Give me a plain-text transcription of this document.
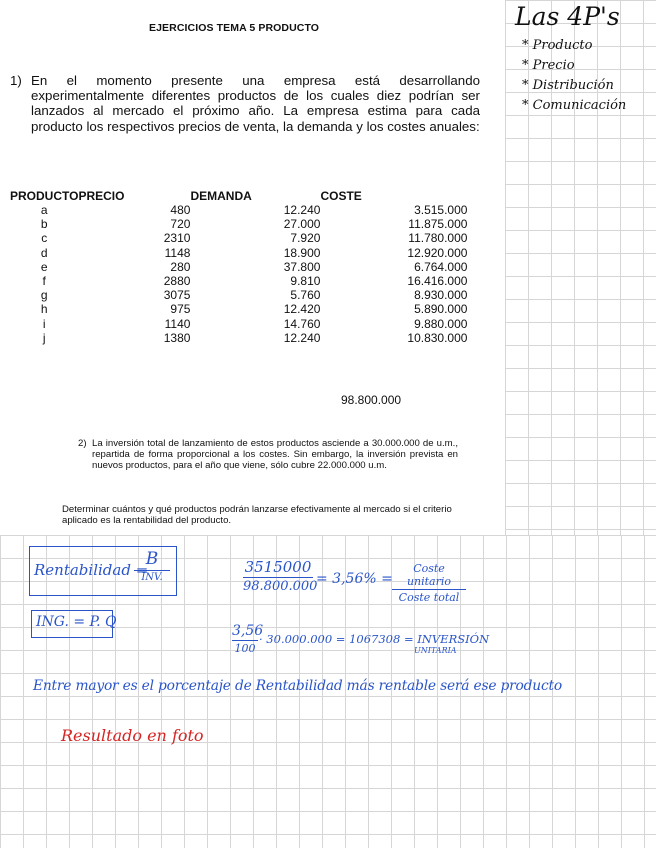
EJERCICIOS TEMA 5 PRODUCTO
1) En el momento presente una empresa está desarrollando experimentalmente diferentes productos de los cuales diez podrían ser lanzados al mercado el próximo año. La empresa estima para cada producto los respectivos precios de venta, la demanda y los costes anuales:
PRODUCTO	PRECIO	DEMANDA	COSTE
a	480	12.240	3.515.000
b	720	27.000	11.875.000
c	2310	7.920	11.780.000
d	1148	18.900	12.920.000
e	280	37.800	6.764.000
f	2880	9.810	16.416.000
g	3075	5.760	8.930.000
h	975	12.420	5.890.000
i	1140	14.760	9.880.000
j	1380	12.240	10.830.000
98.800.000
2) La inversión total de lanzamiento de estos productos asciende a 30.000.000 de u.m., repartida de forma proporcional a los costes. Sin embargo, la inversión prevista en nuevos productos, para el año que viene, sólo cubre 22.000.000 u.m.
Determinar cuántos y qué productos podrán lanzarse efectivamente al mercado si el criterio aplicado es la rentabilidad del producto.
Las 4P's
* Producto
* Precio
* Distribución
* Comunicación
Rentabilidad =
B
INV.
ING. = P. Q
3515000
98.800.000
= 3,56% =
Coste unitario
Coste total
3,56
100
· 30.000.000 = 1067308 = INVERSIÓN
UNITARIA
Entre mayor es el porcentaje de Rentabilidad más rentable será ese producto
Resultado en foto
